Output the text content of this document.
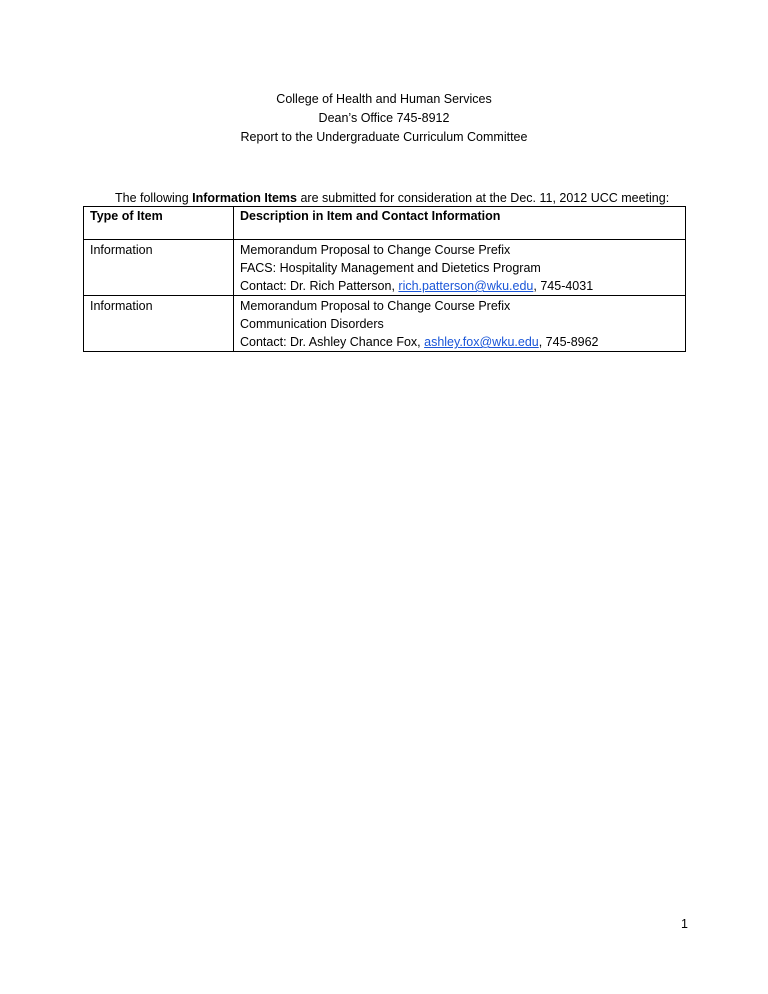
College of Health and Human Services
Dean’s Office 745-8912
Report to the Undergraduate Curriculum Committee
The following Information Items are submitted for consideration at the Dec. 11, 2012 UCC meeting:
Type of Item	Description in Item and Contact Information
Information	Memorandum Proposal to Change Course Prefix
FACS: Hospitality Management and Dietetics Program
Contact: Dr. Rich Patterson, rich.patterson@wku.edu, 745-4031

Information	Memorandum Proposal to Change Course Prefix
Communication Disorders
Contact: Dr. Ashley Chance Fox, ashley.fox@wku.edu, 745-8962
1
